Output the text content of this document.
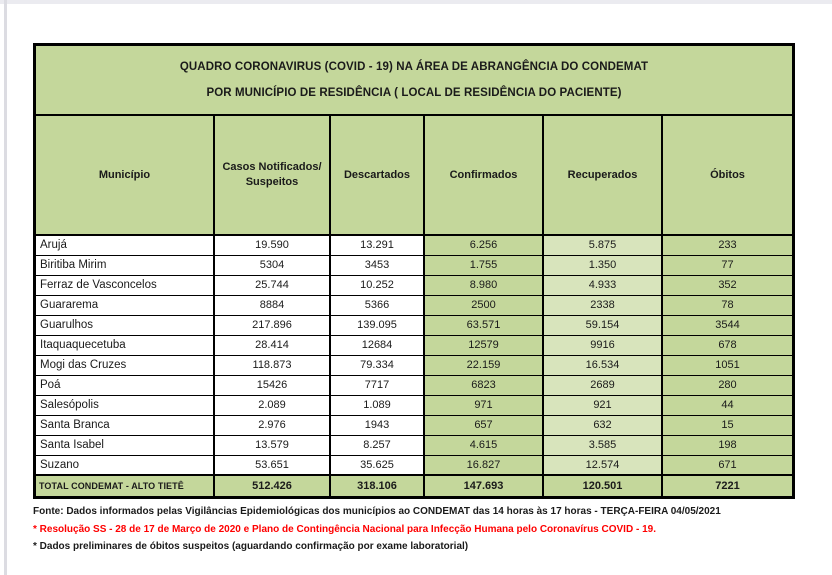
QUADRO CORONAVIRUS (COVID - 19) NA ÁREA DE ABRANGÊNCIA DO CONDEMAT
POR MUNICÍPIO DE RESIDÊNCIA ( LOCAL DE RESIDÊNCIA DO PACIENTE)
Município	Casos Notificados/ Suspeitos	Descartados	Confirmados	Recuperados	Óbitos
Arujá	19.590	13.291	6.256	5.875	233
Biritiba Mirim	5304	3453	1.755	1.350	77
Ferraz de Vasconcelos	25.744	10.252	8.980	4.933	352
Guararema	8884	5366	2500	2338	78
Guarulhos	217.896	139.095	63.571	59.154	3544
Itaquaquecetuba	28.414	12684	12579	9916	678
Mogi das Cruzes	118.873	79.334	22.159	16.534	1051
Poá	15426	7717	6823	2689	280
Salesópolis	2.089	1.089	971	921	44
Santa Branca	2.976	1943	657	632	15
Santa Isabel	13.579	8.257	4.615	3.585	198
Suzano	53.651	35.625	16.827	12.574	671
TOTAL CONDEMAT - ALTO TIETÊ	512.426	318.106	147.693	120.501	7221
Fonte: Dados informados pelas Vigilâncias Epidemiológicas dos municípios ao CONDEMAT das 14 horas às 17 horas - TERÇA-FEIRA 04/05/2021
* Resolução SS - 28 de 17 de Março de 2020 e Plano de Contingência Nacional para Infecção Humana pelo Coronavírus COVID - 19.
* Dados preliminares de óbitos suspeitos (aguardando confirmação por exame laboratorial)
